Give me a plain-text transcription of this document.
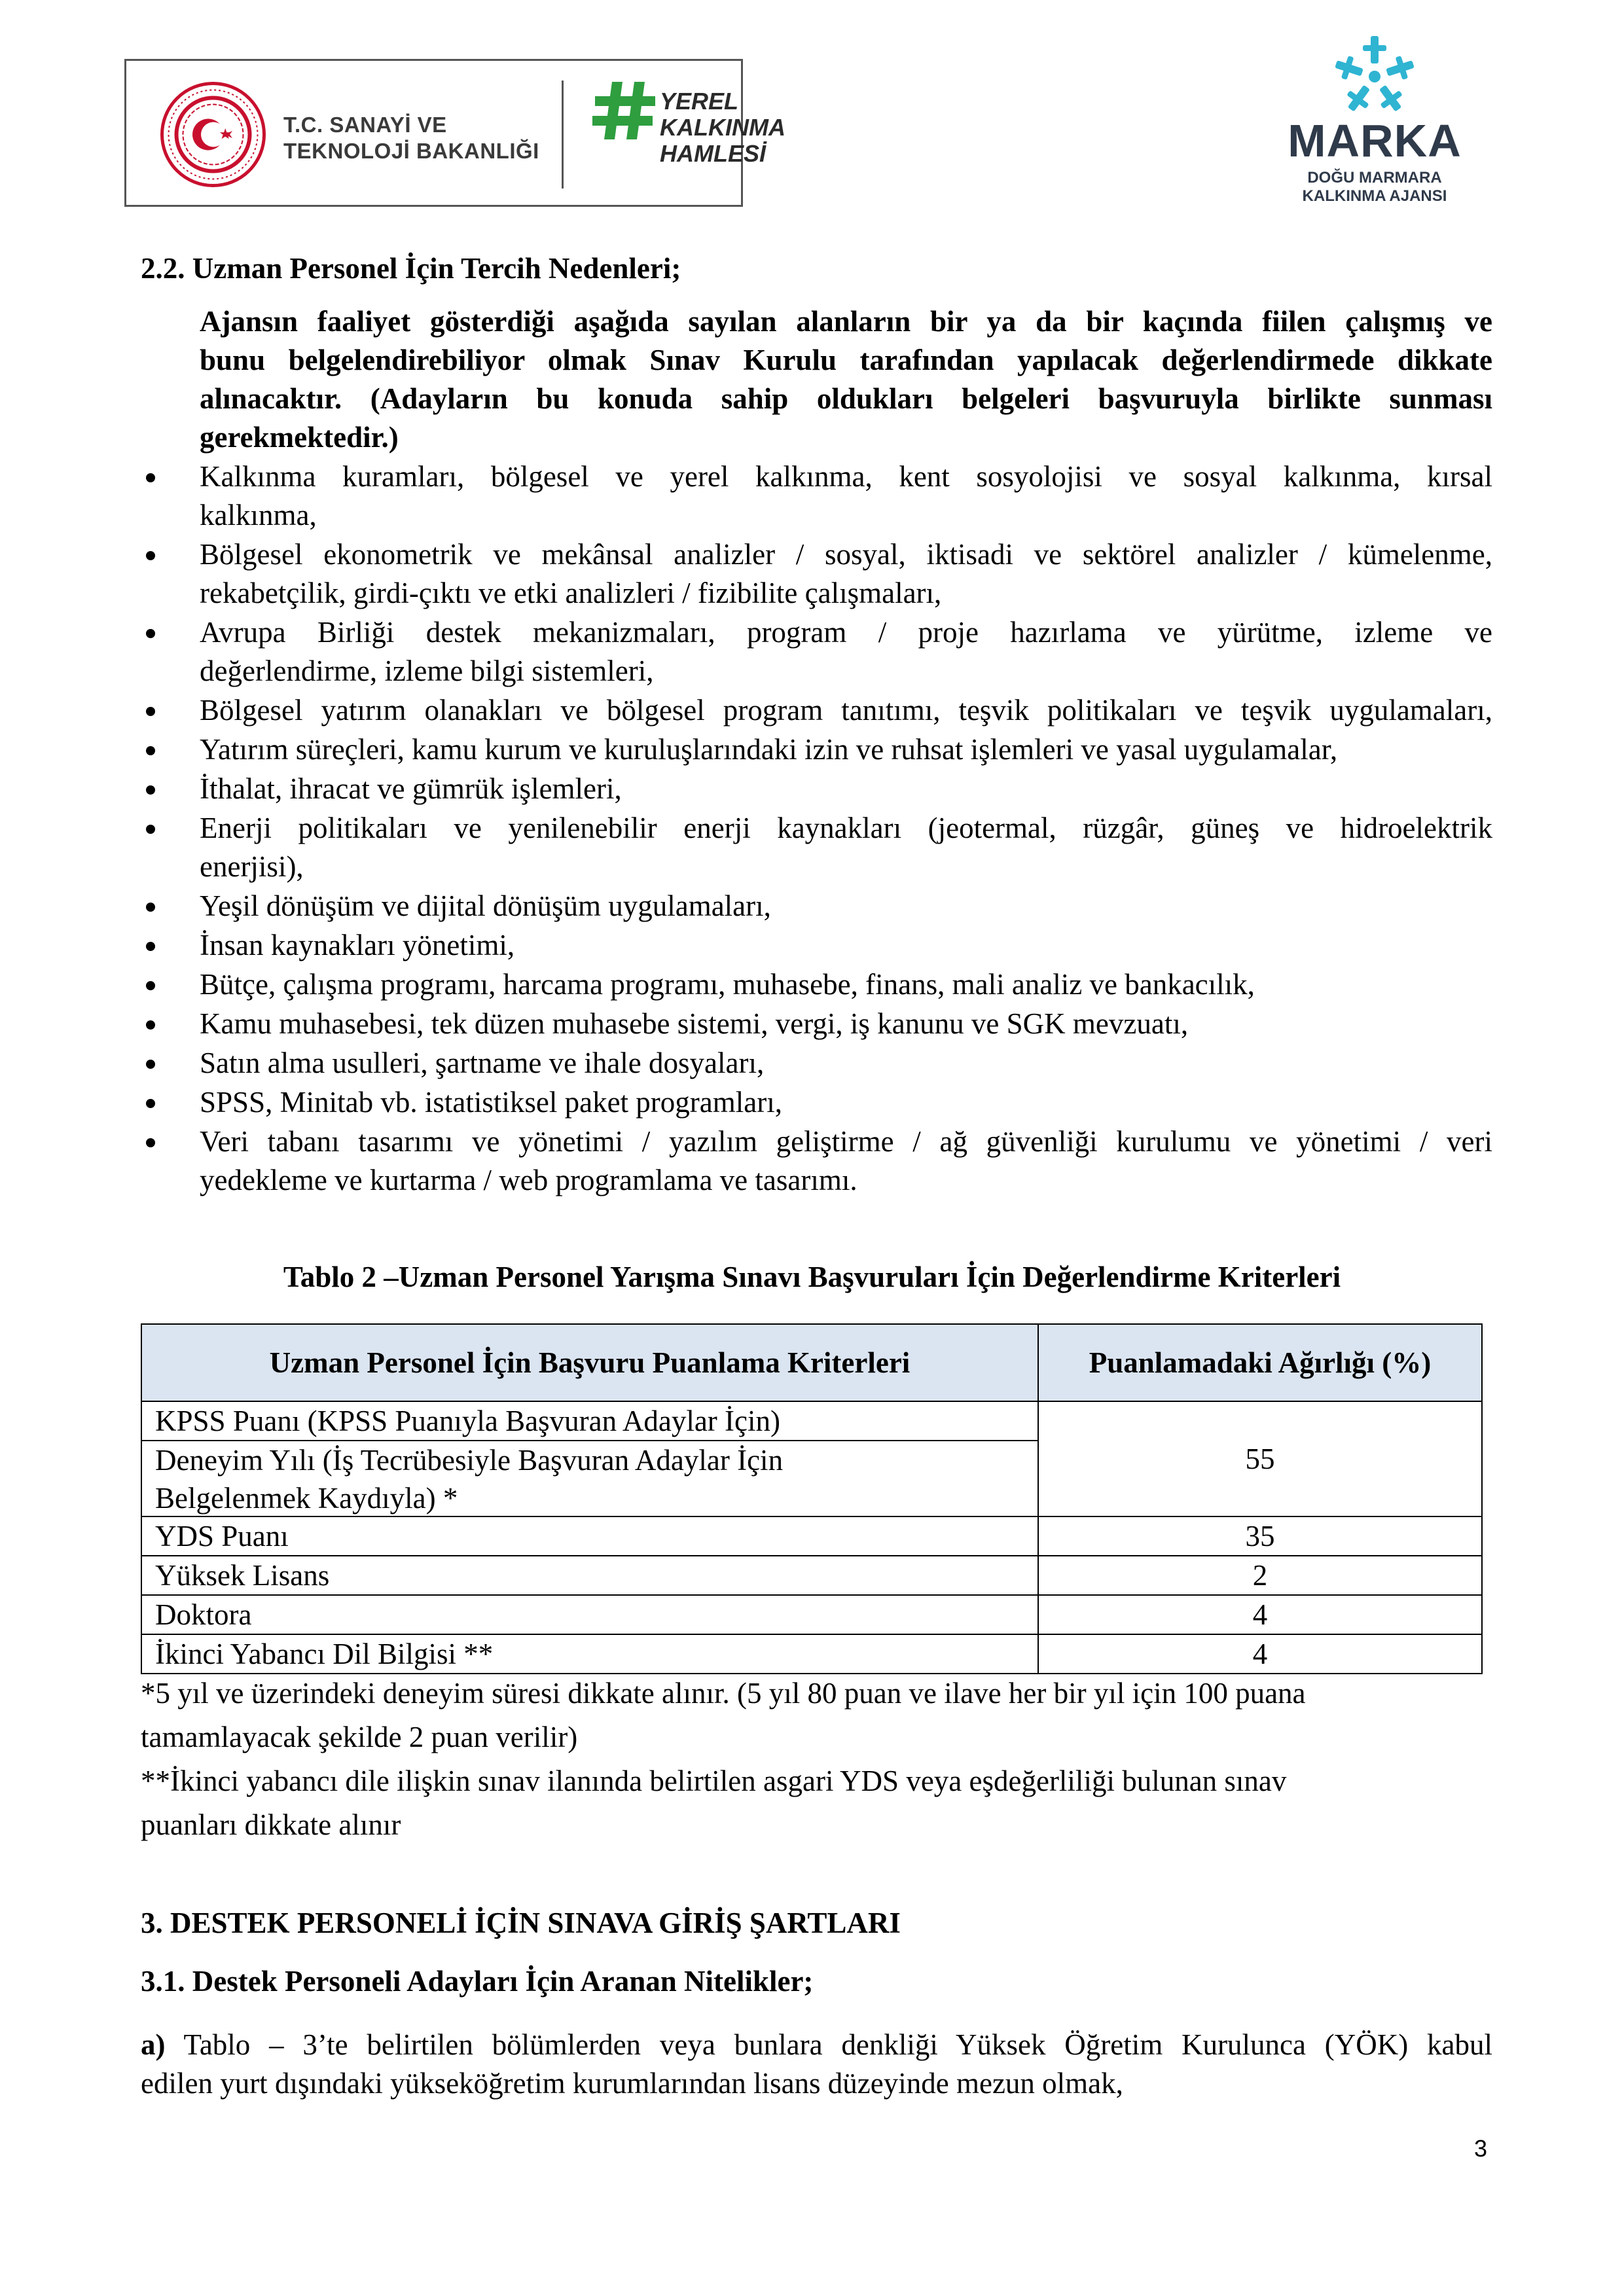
T.C. SANAYİ VE
TEKNOLOJİ BAKANLIĞI
YEREL
KALKINMA
HAMLESİ	MARKA
DOĞU MARMARA
KALKINMA AJANSI
2.2. Uzman Personel İçin Tercih Nedenleri;
Ajansın faaliyet gösterdiği aşağıda sayılan alanların bir ya da bir kaçında fiilen çalışmış ve
bunu belgelendirebiliyor olmak Sınav Kurulu tarafından yapılacak değerlendirmede dikkate
alınacaktır. (Adayların bu konuda sahip oldukları belgeleri başvuruyla birlikte sunması
gerekmektedir.)
Kalkınma kuramları, bölgesel ve yerel kalkınma, kent sosyolojisi ve sosyal kalkınma, kırsal
kalkınma,
Bölgesel ekonometrik ve mekânsal analizler / sosyal, iktisadi ve sektörel analizler / kümelenme,
rekabetçilik, girdi-çıktı ve etki analizleri / fizibilite çalışmaları,
Avrupa Birliği destek mekanizmaları, program / proje hazırlama ve yürütme, izleme ve
değerlendirme, izleme bilgi sistemleri,
Bölgesel yatırım olanakları ve bölgesel program tanıtımı, teşvik politikaları ve teşvik uygulamaları,
Yatırım süreçleri, kamu kurum ve kuruluşlarındaki izin ve ruhsat işlemleri ve yasal uygulamalar,
İthalat, ihracat ve gümrük işlemleri,
Enerji politikaları ve yenilenebilir enerji kaynakları (jeotermal, rüzgâr, güneş ve hidroelektrik
enerjisi),
Yeşil dönüşüm ve dijital dönüşüm uygulamaları,
İnsan kaynakları yönetimi,
Bütçe, çalışma programı, harcama programı, muhasebe, finans, mali analiz ve bankacılık,
Kamu muhasebesi, tek düzen muhasebe sistemi, vergi, iş kanunu ve SGK mevzuatı,
Satın alma usulleri, şartname ve ihale dosyaları,
SPSS, Minitab vb. istatistiksel paket programları,
Veri tabanı tasarımı ve yönetimi / yazılım geliştirme / ağ güvenliği kurulumu ve yönetimi / veri
yedekleme ve kurtarma / web programlama ve tasarımı.
Tablo 2 –Uzman Personel Yarışma Sınavı Başvuruları İçin Değerlendirme Kriterleri
Uzman Personel İçin Başvuru Puanlama Kriterleri	Puanlamadaki Ağırlığı (%)
KPSS Puanı (KPSS Puanıyla Başvuran Adaylar İçin)
Deneyim Yılı (İş Tecrübesiyle Başvuran Adaylar İçin
Belgelenmek Kaydıyla) *
55
YDS Puanı	35
Yüksek Lisans	2
Doktora	4
İkinci Yabancı Dil Bilgisi **	4
*5 yıl ve üzerindeki deneyim süresi dikkate alınır. (5 yıl 80 puan ve ilave her bir yıl için 100 puana
tamamlayacak şekilde 2 puan verilir)
**İkinci yabancı dile ilişkin sınav ilanında belirtilen asgari YDS veya eşdeğerliliği bulunan sınav
puanları dikkate alınır
3. DESTEK PERSONELİ İÇİN SINAVA GİRİŞ ŞARTLARI
3.1. Destek Personeli Adayları İçin Aranan Nitelikler;
a) Tablo – 3’te belirtilen bölümlerden veya bunlara denkliği Yüksek Öğretim Kurulunca (YÖK) kabul
edilen yurt dışındaki yükseköğretim kurumlarından lisans düzeyinde mezun olmak,
3
